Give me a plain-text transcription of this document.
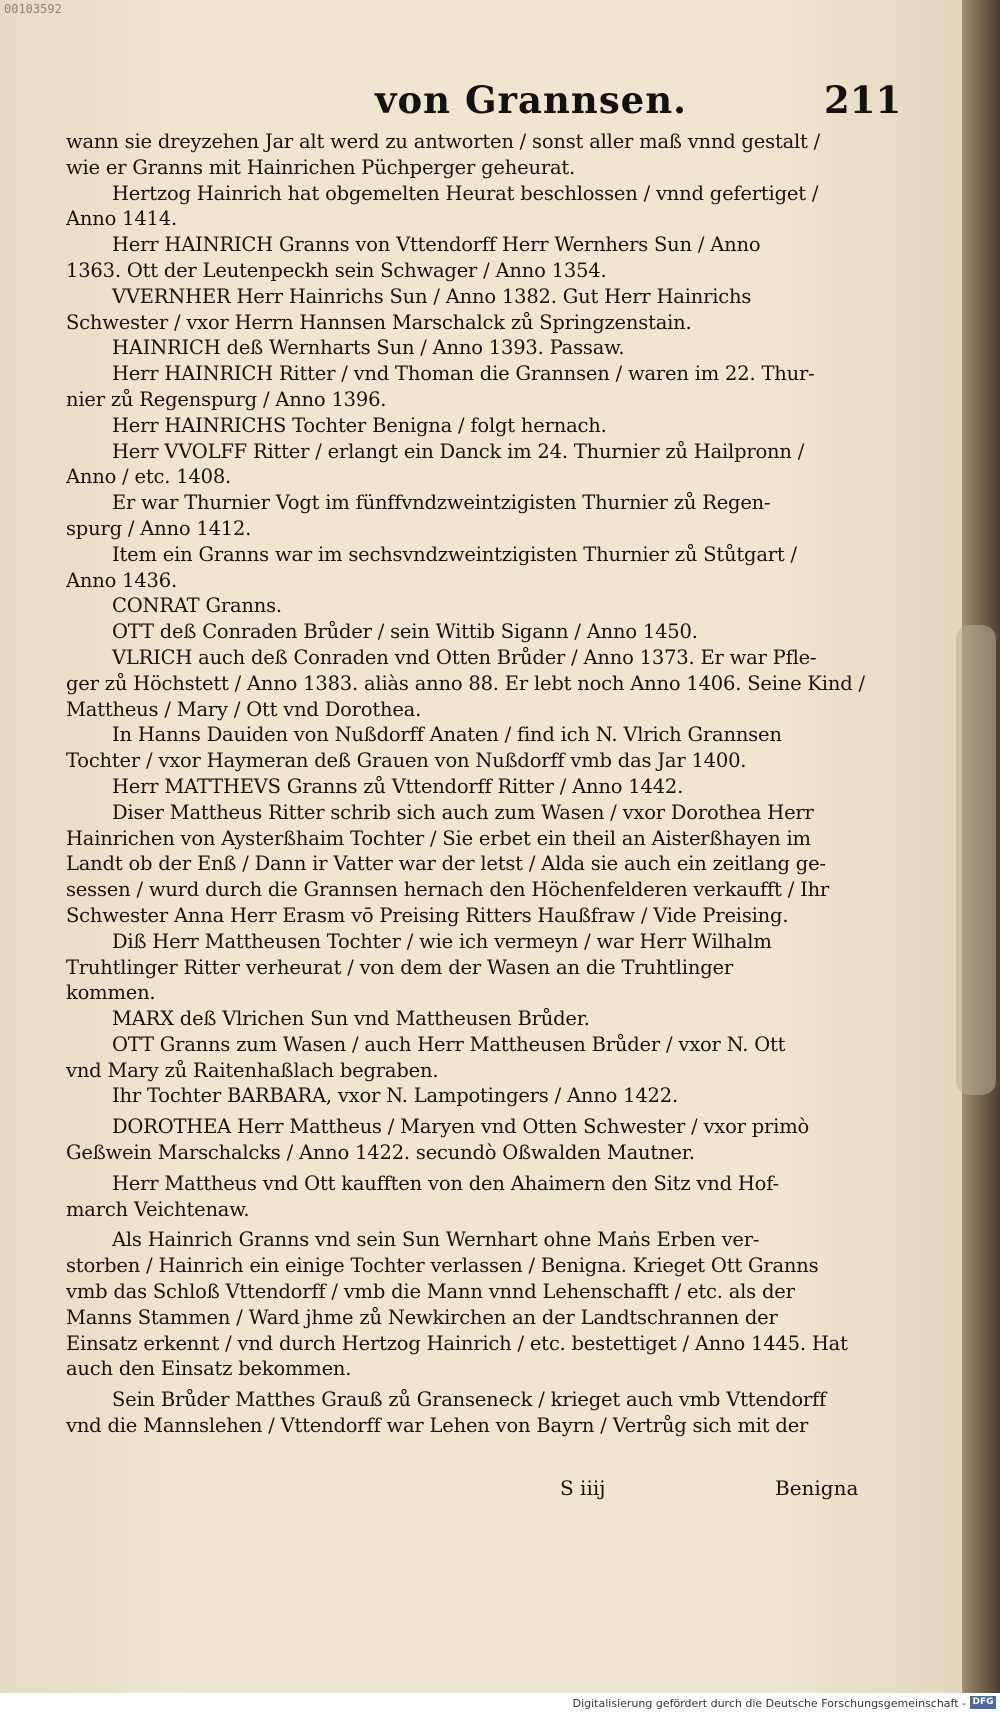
00103592
von Grannsen.	211
wann sie dreyzehen Jar alt werd zu antworten / sonst aller maß vnnd gestalt /
wie er Granns mit Hainrichen Püchperger geheurat.
Hertzog Hainrich hat obgemelten Heurat beschlossen / vnnd gefertiget /
Anno 1414.
Herr HAINRICH Granns von Vttendorff Herr Wernhers Sun / Anno
1363. Ott der Leutenpeckh sein Schwager / Anno 1354.
VVERNHER Herr Hainrichs Sun / Anno 1382. Gut Herr Hainrichs
Schwester / vxor Herrn Hannsen Marschalck zů Springzenstain.
HAINRICH deß Wernharts Sun / Anno 1393. Passaw.
Herr HAINRICH Ritter / vnd Thoman die Grannsen / waren im 22. Thur-
nier zů Regenspurg / Anno 1396.
Herr HAINRICHS Tochter Benigna / folgt hernach.
Herr VVOLFF Ritter / erlangt ein Danck im 24. Thurnier zů Hailpronn /
Anno / etc. 1408.
Er war Thurnier Vogt im fünffvndzweintzigisten Thurnier zů Regen-
spurg / Anno 1412.
Item ein Granns war im sechsvndzweintzigisten Thurnier zů Stůtgart /
Anno 1436.
CONRAT Granns.
OTT deß Conraden Brůder / sein Wittib Sigann / Anno 1450.
VLRICH auch deß Conraden vnd Otten Brůder / Anno 1373. Er war Pfle-
ger zů Höchstett / Anno 1383. aliàs anno 88. Er lebt noch Anno 1406. Seine Kind /
Mattheus / Mary / Ott vnd Dorothea.
In Hanns Dauiden von Nußdorff Anaten / find ich N. Vlrich Grannsen
Tochter / vxor Haymeran deß Grauen von Nußdorff vmb das Jar 1400.
Herr MATTHEVS Granns zů Vttendorff Ritter / Anno 1442.
Diser Mattheus Ritter schrib sich auch zum Wasen / vxor Dorothea Herr
Hainrichen von Aysterßhaim Tochter / Sie erbet ein theil an Aisterßhayen im
Landt ob der Enß / Dann ir Vatter war der letst / Alda sie auch ein zeitlang ge-
sessen / wurd durch die Grannsen hernach den Höchenfelderen verkaufft / Ihr
Schwester Anna Herr Erasm vō Preising Ritters Haußfraw / Vide Preising.
Diß Herr Mattheusen Tochter / wie ich vermeyn / war Herr Wilhalm
Truhtlinger Ritter verheurat / von dem der Wasen an die Truhtlinger
kommen.
MARX deß Vlrichen Sun vnd Mattheusen Brůder.
OTT Granns zum Wasen / auch Herr Mattheusen Brůder / vxor N. Ott
vnd Mary zů Raitenhaßlach begraben.
Ihr Tochter BARBARA, vxor N. Lampotingers / Anno 1422.
DOROTHEA Herr Mattheus / Maryen vnd Otten Schwester / vxor primò
Geßwein Marschalcks / Anno 1422. secundò Oßwalden Mautner.
Herr Mattheus vnd Ott kaufften von den Ahaimern den Sitz vnd Hof-
march Veichtenaw.
Als Hainrich Granns vnd sein Sun Wernhart ohne Maṅs Erben ver-
storben / Hainrich ein einige Tochter verlassen / Benigna. Krieget Ott Granns
vmb das Schloß Vttendorff / vmb die Mann vnnd Lehenschafft / etc. als der
Manns Stammen / Ward jhme zů Newkirchen an der Landtschrannen der
Einsatz erkennt / vnd durch Hertzog Hainrich / etc. bestettiget / Anno 1445. Hat
auch den Einsatz bekommen.
Sein Brůder Matthes Grauß zů Granseneck / krieget auch vmb Vttendorff
vnd die Mannslehen / Vttendorff war Lehen von Bayrn / Vertrůg sich mit der
S iiij	Benigna
Digitalisierung gefördert durch die Deutsche Forschungsgemeinschaft - DFG
